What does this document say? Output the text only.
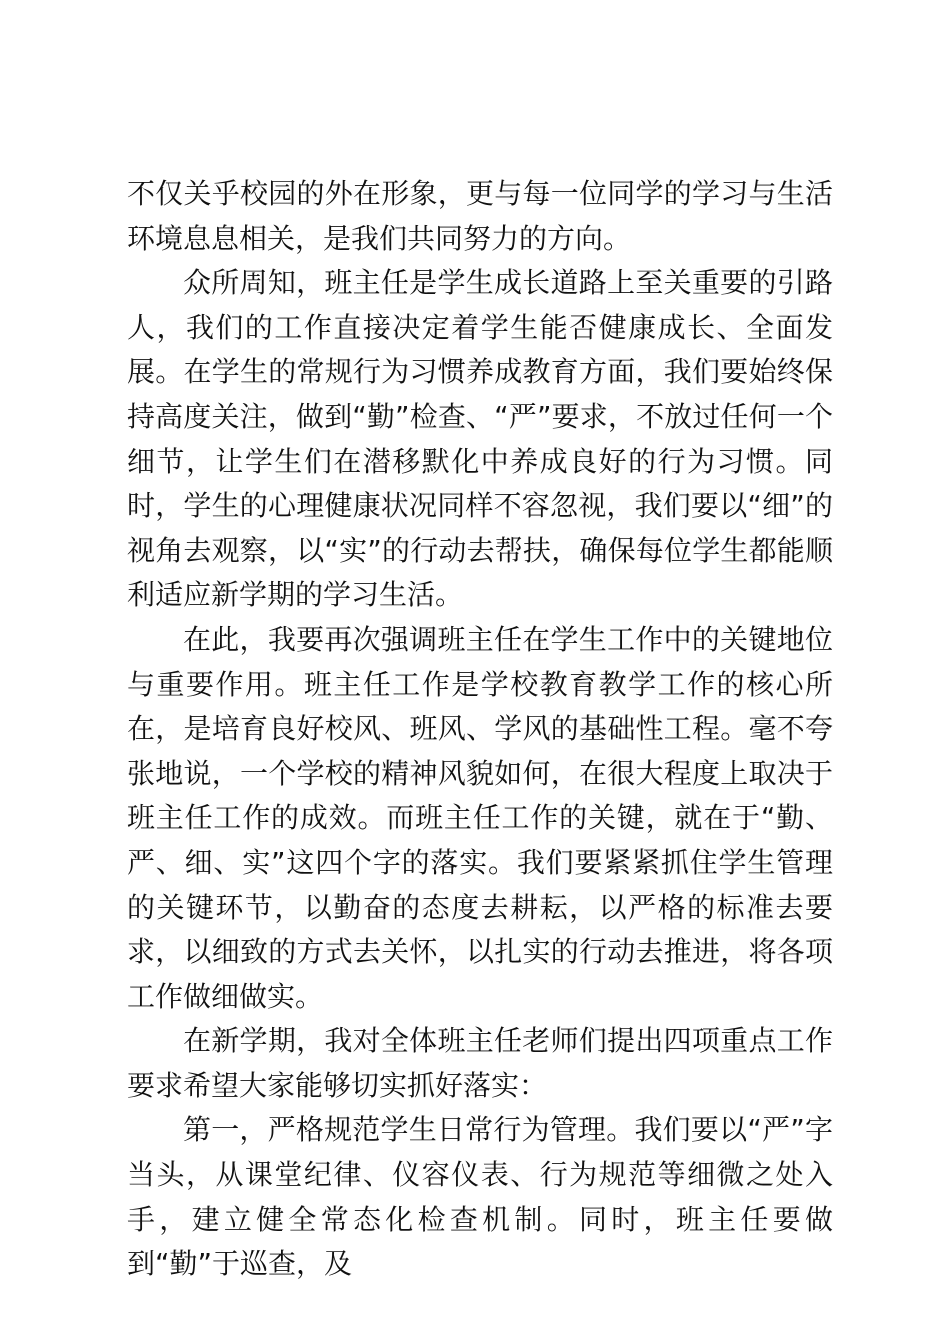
不仅关乎校园的外在形象，更与每一位同学的学习与生活环境息息相关，是我们共同努力的方向。

众所周知，班主任是学生成长道路上至关重要的引路人，我们的工作直接决定着学生能否健康成长、全面发展。在学生的常规行为习惯养成教育方面，我们要始终保持高度关注，做到“勤”检查、“严”要求，不放过任何一个细节，让学生们在潜移默化中养成良好的行为习惯。同时，学生的心理健康状况同样不容忽视，我们要以“细”的视角去观察，以“实”的行动去帮扶，确保每位学生都能顺利适应新学期的学习生活。

在此，我要再次强调班主任在学生工作中的关键地位与重要作用。班主任工作是学校教育教学工作的核心所在，是培育良好校风、班风、学风的基础性工程。毫不夸张地说，一个学校的精神风貌如何，在很大程度上取决于班主任工作的成效。而班主任工作的关键，就在于“勤、严、细、实”这四个字的落实。我们要紧紧抓住学生管理的关键环节，以勤奋的态度去耕耘，以严格的标准去要求，以细致的方式去关怀，以扎实的行动去推进，将各项工作做细做实。

在新学期，我对全体班主任老师们提出四项重点工作要求希望大家能够切实抓好落实：

第一，严格规范学生日常行为管理。我们要以“严”字当头，从课堂纪律、仪容仪表、行为规范等细微之处入手，建立健全常态化检查机制。同时，班主任要做到“勤”于巡查，及
